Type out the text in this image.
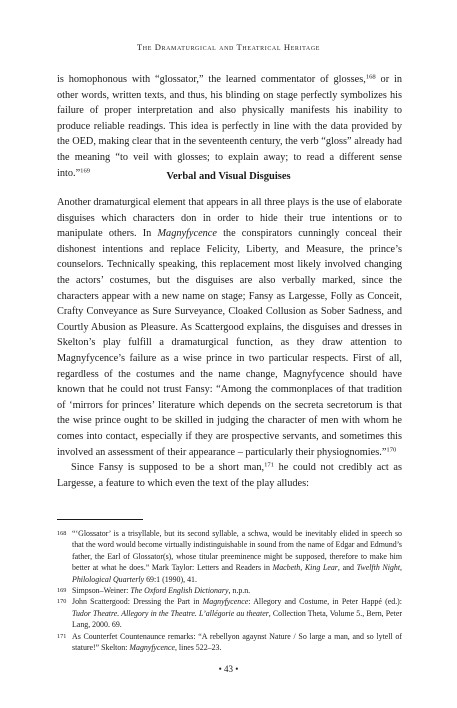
The Dramaturgical and Theatrical Heritage

is homophonous with “glossator,” the learned commentator of glosses,$^{168}$ or in other words, written texts, and thus, his blinding on stage perfectly symbolizes his failure of proper interpretation and also physically manifests his inability to produce reliable readings. This idea is perfectly in line with the data provided by the OED, making clear that in the seventeenth century, the verb “gloss” already had the meaning “to veil with glosses; to explain away; to read a different sense into.”$^{169}$

Verbal and Visual Disguises

Another dramaturgical element that appears in all three plays is the use of elaborate disguises which characters don in order to hide their true intentions or to manipulate others. In Magnyfycence the conspirators cunningly conceal their dishonest intentions and replace Felicity, Liberty, and Measure, the prince’s counselors. Technically speaking, this replacement most likely involved changing the actors’ costumes, but the disguises are also verbally marked, since the characters appear with a new name on stage; Fansy as Largesse, Folly as Conceit, Crafty Conveyance as Sure Surveyance, Cloaked Collusion as Sober Sadness, and Courtly Abusion as Pleasure. As Scattergood explains, the disguises and dresses in Skelton’s play fulfill a dramaturgical function, as they draw attention to Magnyfycence’s failure as a wise prince in two particular respects. First of all, regardless of the costumes and the name change, Magnyfycence should have known that he could not trust Fansy: “Among the commonplaces of that tradition of ‘mirrors for princes’ literature which depends on the secreta secretorum is that the wise prince ought to be skilled in judging the character of men with whom he comes into contact, especially if they are prospective servants, and sometimes this involved an assessment of their appearance – particularly their physiognomies.”$^{170}$

Since Fansy is supposed to be a short man,$^{171}$ he could not credibly act as Largesse, a feature to which even the text of the play alludes:

168 “‘Glossator’ is a trisyllable, but its second syllable, a schwa, would be inevitably elided in speech so that the word would become virtually indistinguishable in sound from the name of Edgar and Edmund’s father, the Earl of Glossator(s), whose titular preeminence might be supposed, therefore to make him better at what he does.” Mark Taylor: Letters and Readers in Macbeth, King Lear, and Twelfth Night, Philological Quarterly 69:1 (1990), 41.

169 Simpson–Weiner: The Oxford English Dictionary, n.p.n.

170 John Scattergood: Dressing the Part in Magnyfycence: Allegory and Costume, in Peter Happé (ed.): Tudor Theatre. Allegory in the Theatre. L’allégorie au theater, Collection Theta, Volume 5., Bern, Peter Lang, 2000. 69.

171 As Counterfet Countenaunce remarks: “A rebellyon agaynst Nature / So large a man, and so lytell of stature!” Skelton: Magnyfycence, lines 522–23.

• 43 •
